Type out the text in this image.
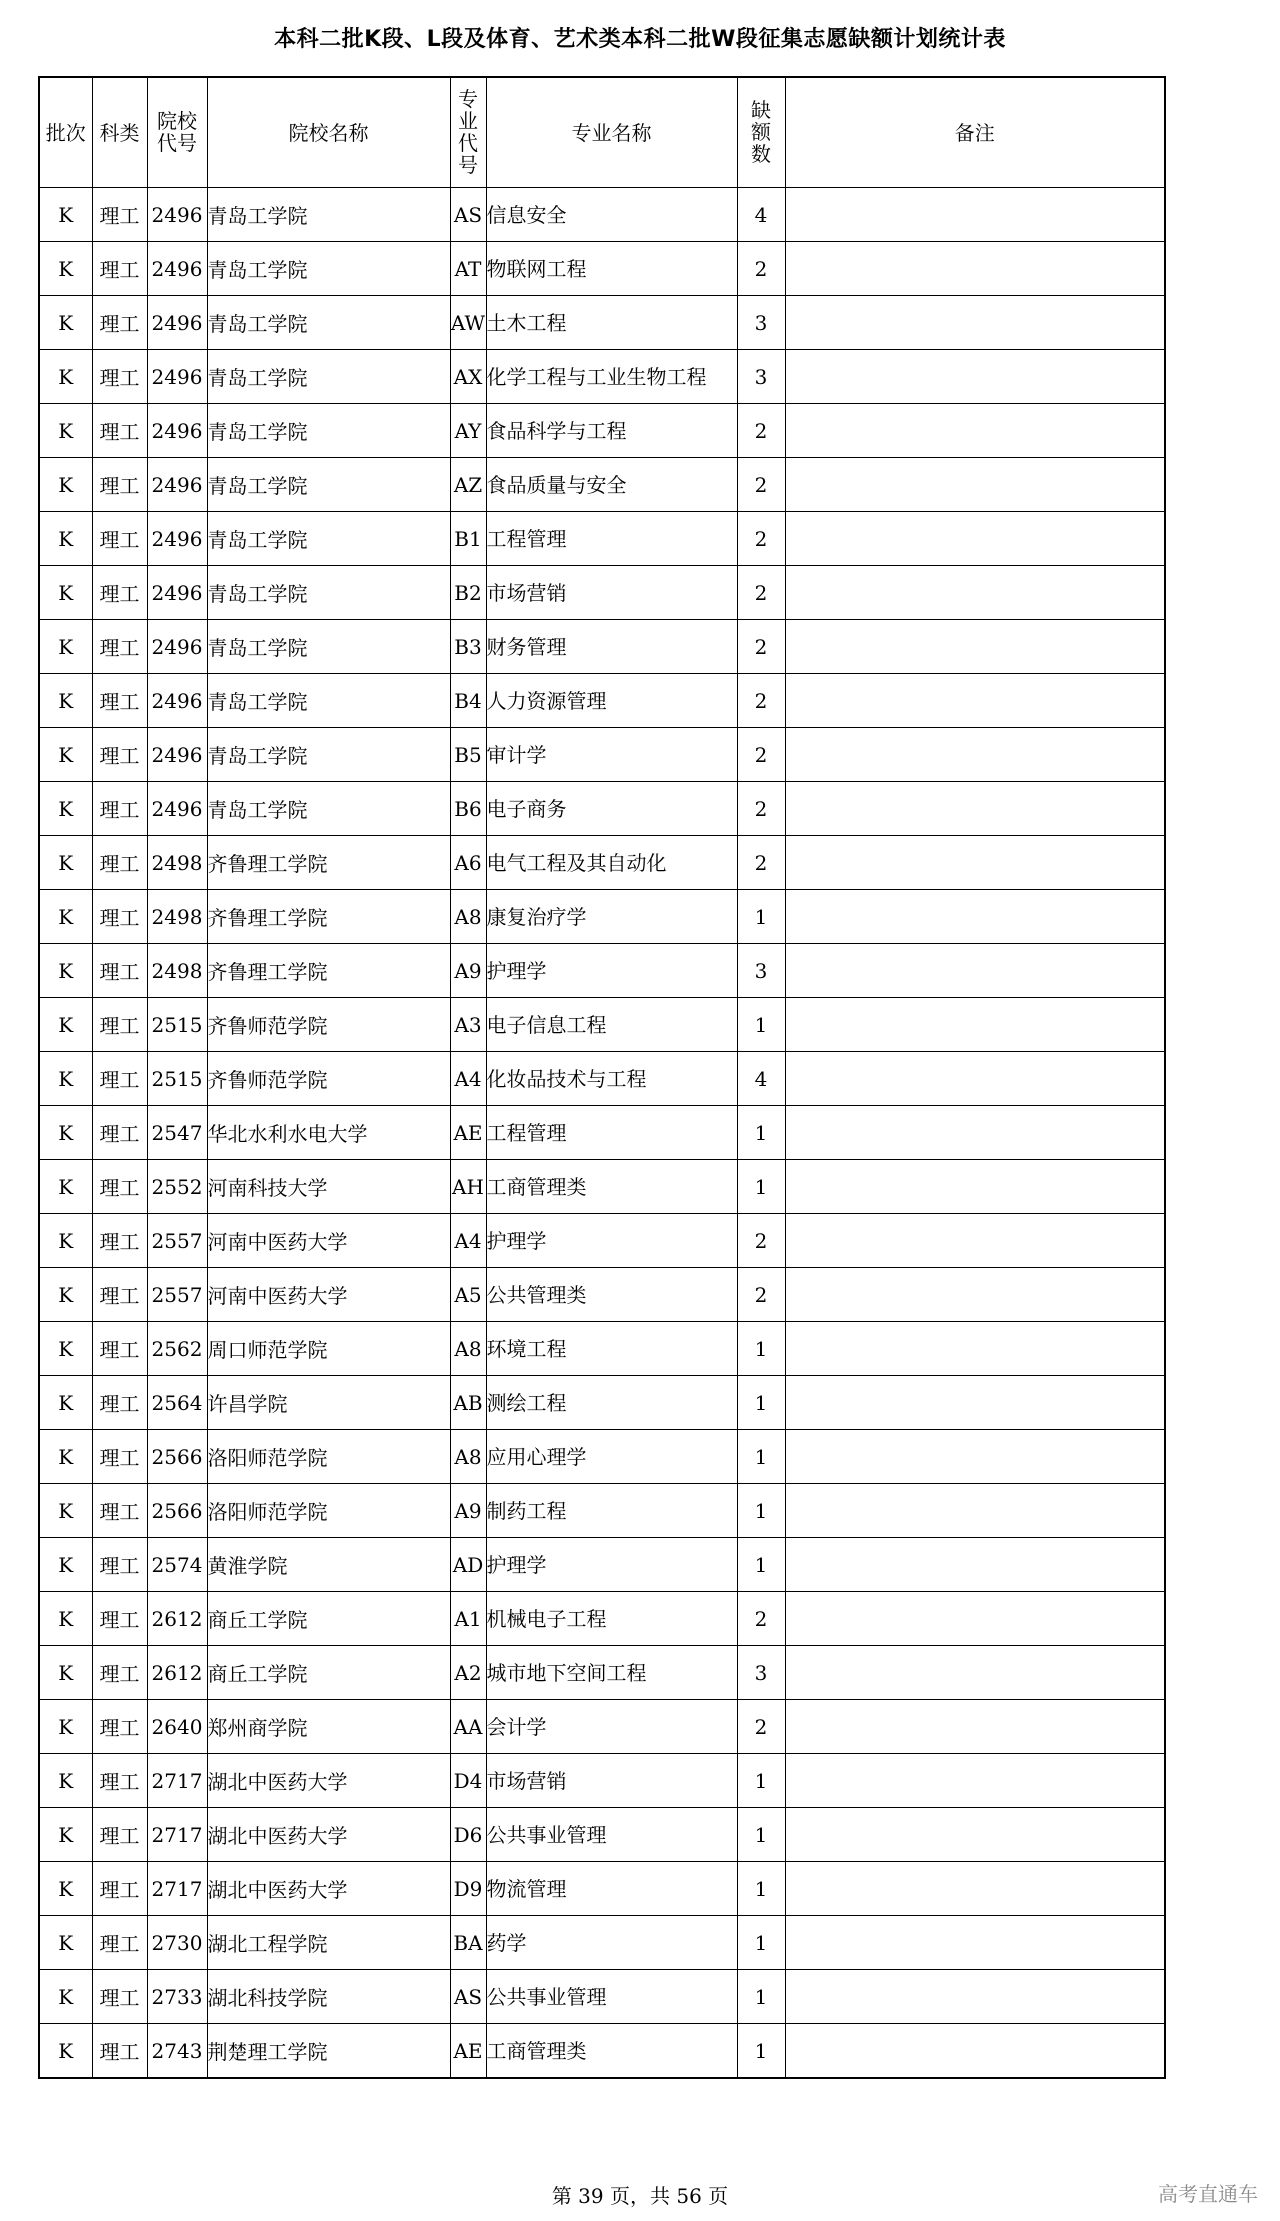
本科二批K段、L段及体育、艺术类本科二批W段征集志愿缺额计划统计表
批次	科类	院校代号	院校名称	专业代号	专业名称	缺额数	备注
K	理工	2496	青岛工学院	AS	信息安全	4	
K	理工	2496	青岛工学院	AT	物联网工程	2	
K	理工	2496	青岛工学院	AW	土木工程	3	
K	理工	2496	青岛工学院	AX	化学工程与工业生物工程	3	
K	理工	2496	青岛工学院	AY	食品科学与工程	2	
K	理工	2496	青岛工学院	AZ	食品质量与安全	2	
K	理工	2496	青岛工学院	B1	工程管理	2	
K	理工	2496	青岛工学院	B2	市场营销	2	
K	理工	2496	青岛工学院	B3	财务管理	2	
K	理工	2496	青岛工学院	B4	人力资源管理	2	
K	理工	2496	青岛工学院	B5	审计学	2	
K	理工	2496	青岛工学院	B6	电子商务	2	
K	理工	2498	齐鲁理工学院	A6	电气工程及其自动化	2	
K	理工	2498	齐鲁理工学院	A8	康复治疗学	1	
K	理工	2498	齐鲁理工学院	A9	护理学	3	
K	理工	2515	齐鲁师范学院	A3	电子信息工程	1	
K	理工	2515	齐鲁师范学院	A4	化妆品技术与工程	4	
K	理工	2547	华北水利水电大学	AE	工程管理	1	
K	理工	2552	河南科技大学	AH	工商管理类	1	
K	理工	2557	河南中医药大学	A4	护理学	2	
K	理工	2557	河南中医药大学	A5	公共管理类	2	
K	理工	2562	周口师范学院	A8	环境工程	1	
K	理工	2564	许昌学院	AB	测绘工程	1	
K	理工	2566	洛阳师范学院	A8	应用心理学	1	
K	理工	2566	洛阳师范学院	A9	制药工程	1	
K	理工	2574	黄淮学院	AD	护理学	1	
K	理工	2612	商丘工学院	A1	机械电子工程	2	
K	理工	2612	商丘工学院	A2	城市地下空间工程	3	
K	理工	2640	郑州商学院	AA	会计学	2	
K	理工	2717	湖北中医药大学	D4	市场营销	1	
K	理工	2717	湖北中医药大学	D6	公共事业管理	1	
K	理工	2717	湖北中医药大学	D9	物流管理	1	
K	理工	2730	湖北工程学院	BA	药学	1	
K	理工	2733	湖北科技学院	AS	公共事业管理	1	
K	理工	2743	荆楚理工学院	AE	工商管理类	1	
第 39 页，共 56 页	高考直通车
